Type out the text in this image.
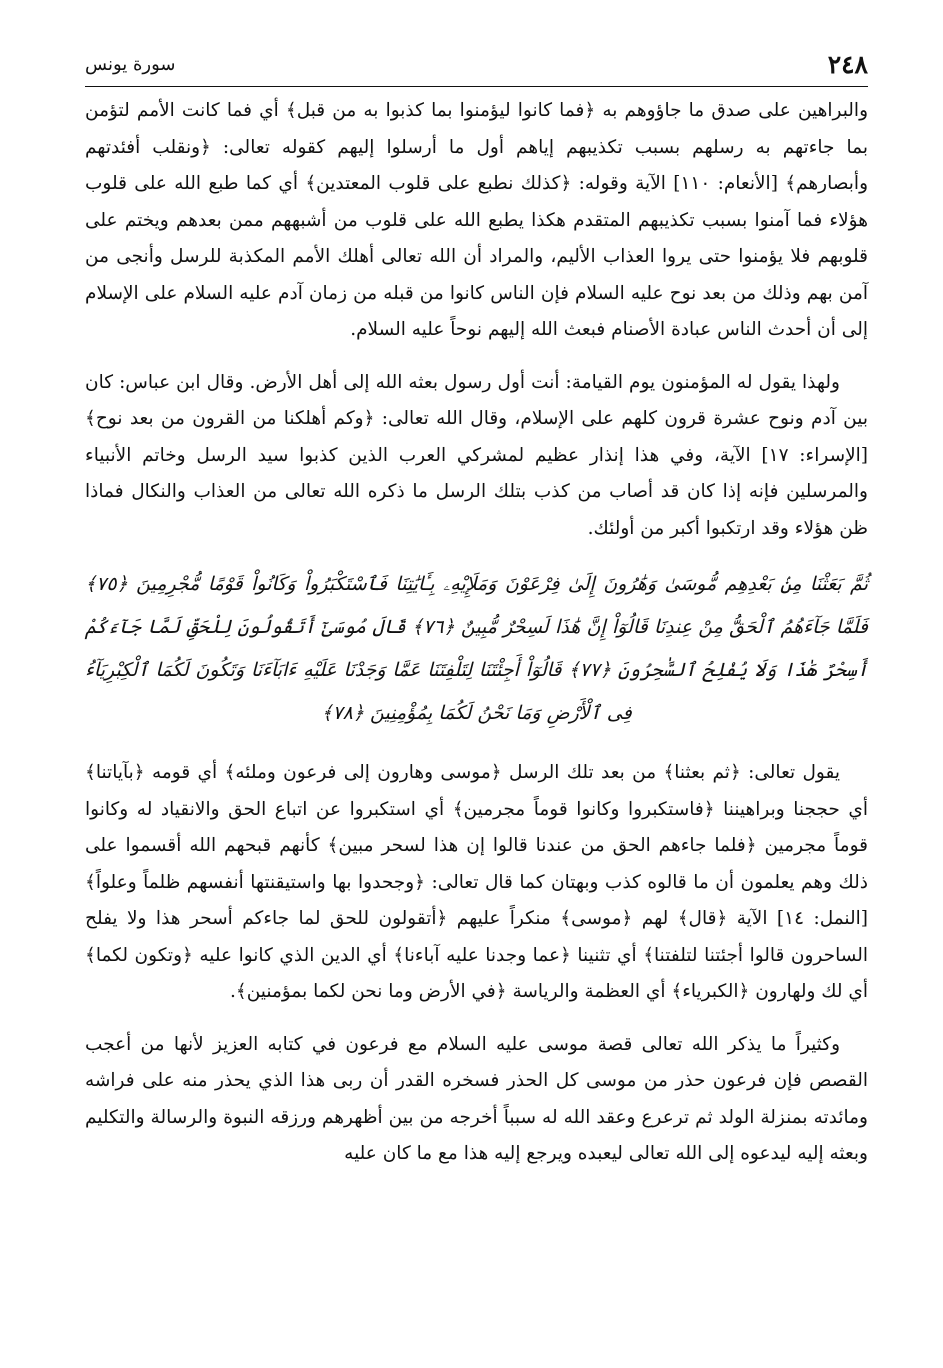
٢٤٨
سورة يونس

والبراهين على صدق ما جاؤوهم به ﴿فما كانوا ليؤمنوا بما كذبوا به من قبل﴾ أي فما كانت الأمم لتؤمن بما جاءتهم به رسلهم بسبب تكذيبهم إياهم أول ما أرسلوا إليهم كقوله تعالى: ﴿ونقلب أفئدتهم وأبصارهم﴾ [الأنعام: ١١٠] الآية وقوله: ﴿كذلك نطبع على قلوب المعتدين﴾ أي كما طبع الله على قلوب هؤلاء فما آمنوا بسبب تكذيبهم المتقدم هكذا يطبع الله على قلوب من أشبههم ممن بعدهم ويختم على قلوبهم فلا يؤمنوا حتى يروا العذاب الأليم، والمراد أن الله تعالى أهلك الأمم المكذبة للرسل وأنجى من آمن بهم وذلك من بعد نوح عليه السلام فإن الناس كانوا من قبله من زمان آدم عليه السلام على الإسلام إلى أن أحدث الناس عبادة الأصنام فبعث الله إليهم نوحاً عليه السلام.

ولهذا يقول له المؤمنون يوم القيامة: أنت أول رسول بعثه الله إلى أهل الأرض. وقال ابن عباس: كان بين آدم ونوح عشرة قرون كلهم على الإسلام، وقال الله تعالى: ﴿وكم أهلكنا من القرون من بعد نوح﴾ [الإسراء: ١٧] الآية، وفي هذا إنذار عظيم لمشركي العرب الذين كذبوا سيد الرسل وخاتم الأنبياء والمرسلين فإنه إذا كان قد أصاب من كذب بتلك الرسل ما ذكره الله تعالى من العذاب والنكال فماذا ظن هؤلاء وقد ارتكبوا أكبر من أولئك.

ثُمَّ بَعَثْنَا مِنۢ بَعْدِهِم مُّوسَىٰ وَهَٰرُونَ إِلَىٰ فِرْعَوْنَ وَمَلَإِيْهِۦ بِـَٔايَٰتِنَا فَٱسْتَكْبَرُواْ وَكَانُواْ قَوْمًا مُّجْرِمِينَ ﴿٧٥﴾ فَلَمَّا جَآءَهُمُ ٱلْحَقُّ مِنْ عِندِنَا قَالُوٓاْ إِنَّ هَٰذَا لَسِحْرٌ مُّبِينٌ ﴿٧٦﴾ قَالَ مُوسَىٰٓ أَتَقُولُونَ لِلْحَقِّ لَمَّا جَآءَكُمْ أَسِحْرٌ هَٰذَا وَلَا يُفْلِحُ ٱلسَّٰحِرُونَ ﴿٧٧﴾ قَالُوٓاْ أَجِئْتَنَا لِتَلْفِتَنَا عَمَّا وَجَدْنَا عَلَيْهِ ءَابَآءَنَا وَتَكُونَ لَكُمَا ٱلْكِبْرِيَآءُ فِى ٱلْأَرْضِ وَمَا نَحْنُ لَكُمَا بِمُؤْمِنِينَ ﴿٧٨﴾

يقول تعالى: ﴿ثم بعثنا﴾ من بعد تلك الرسل ﴿موسى وهارون إلى فرعون وملئه﴾ أي قومه ﴿بآياتنا﴾ أي حججنا وبراهيننا ﴿فاستكبروا وكانوا قوماً مجرمين﴾ أي استكبروا عن اتباع الحق والانقياد له وكانوا قوماً مجرمين ﴿فلما جاءهم الحق من عندنا قالوا إن هذا لسحر مبين﴾ كأنهم قبحهم الله أقسموا على ذلك وهم يعلمون أن ما قالوه كذب وبهتان كما قال تعالى: ﴿وجحدوا بها واستيقنتها أنفسهم ظلماً وعلواً﴾ [النمل: ١٤] الآية ﴿قال﴾ لهم ﴿موسى﴾ منكراً عليهم ﴿أتقولون للحق لما جاءكم أسحر هذا ولا يفلح الساحرون قالوا أجئتنا لتلفتنا﴾ أي تثنينا ﴿عما وجدنا عليه آباءنا﴾ أي الدين الذي كانوا عليه ﴿وتكون لكما﴾ أي لك ولهارون ﴿الكبرياء﴾ أي العظمة والرياسة ﴿في الأرض وما نحن لكما بمؤمنين﴾.

وكثيراً ما يذكر الله تعالى قصة موسى عليه السلام مع فرعون في كتابه العزيز لأنها من أعجب القصص فإن فرعون حذر من موسى كل الحذر فسخره القدر أن ربى هذا الذي يحذر منه على فراشه ومائدته بمنزلة الولد ثم ترعرع وعقد الله له سبباً أخرجه من بين أظهرهم ورزقه النبوة والرسالة والتكليم وبعثه إليه ليدعوه إلى الله تعالى ليعبده ويرجع إليه هذا مع ما كان عليه
